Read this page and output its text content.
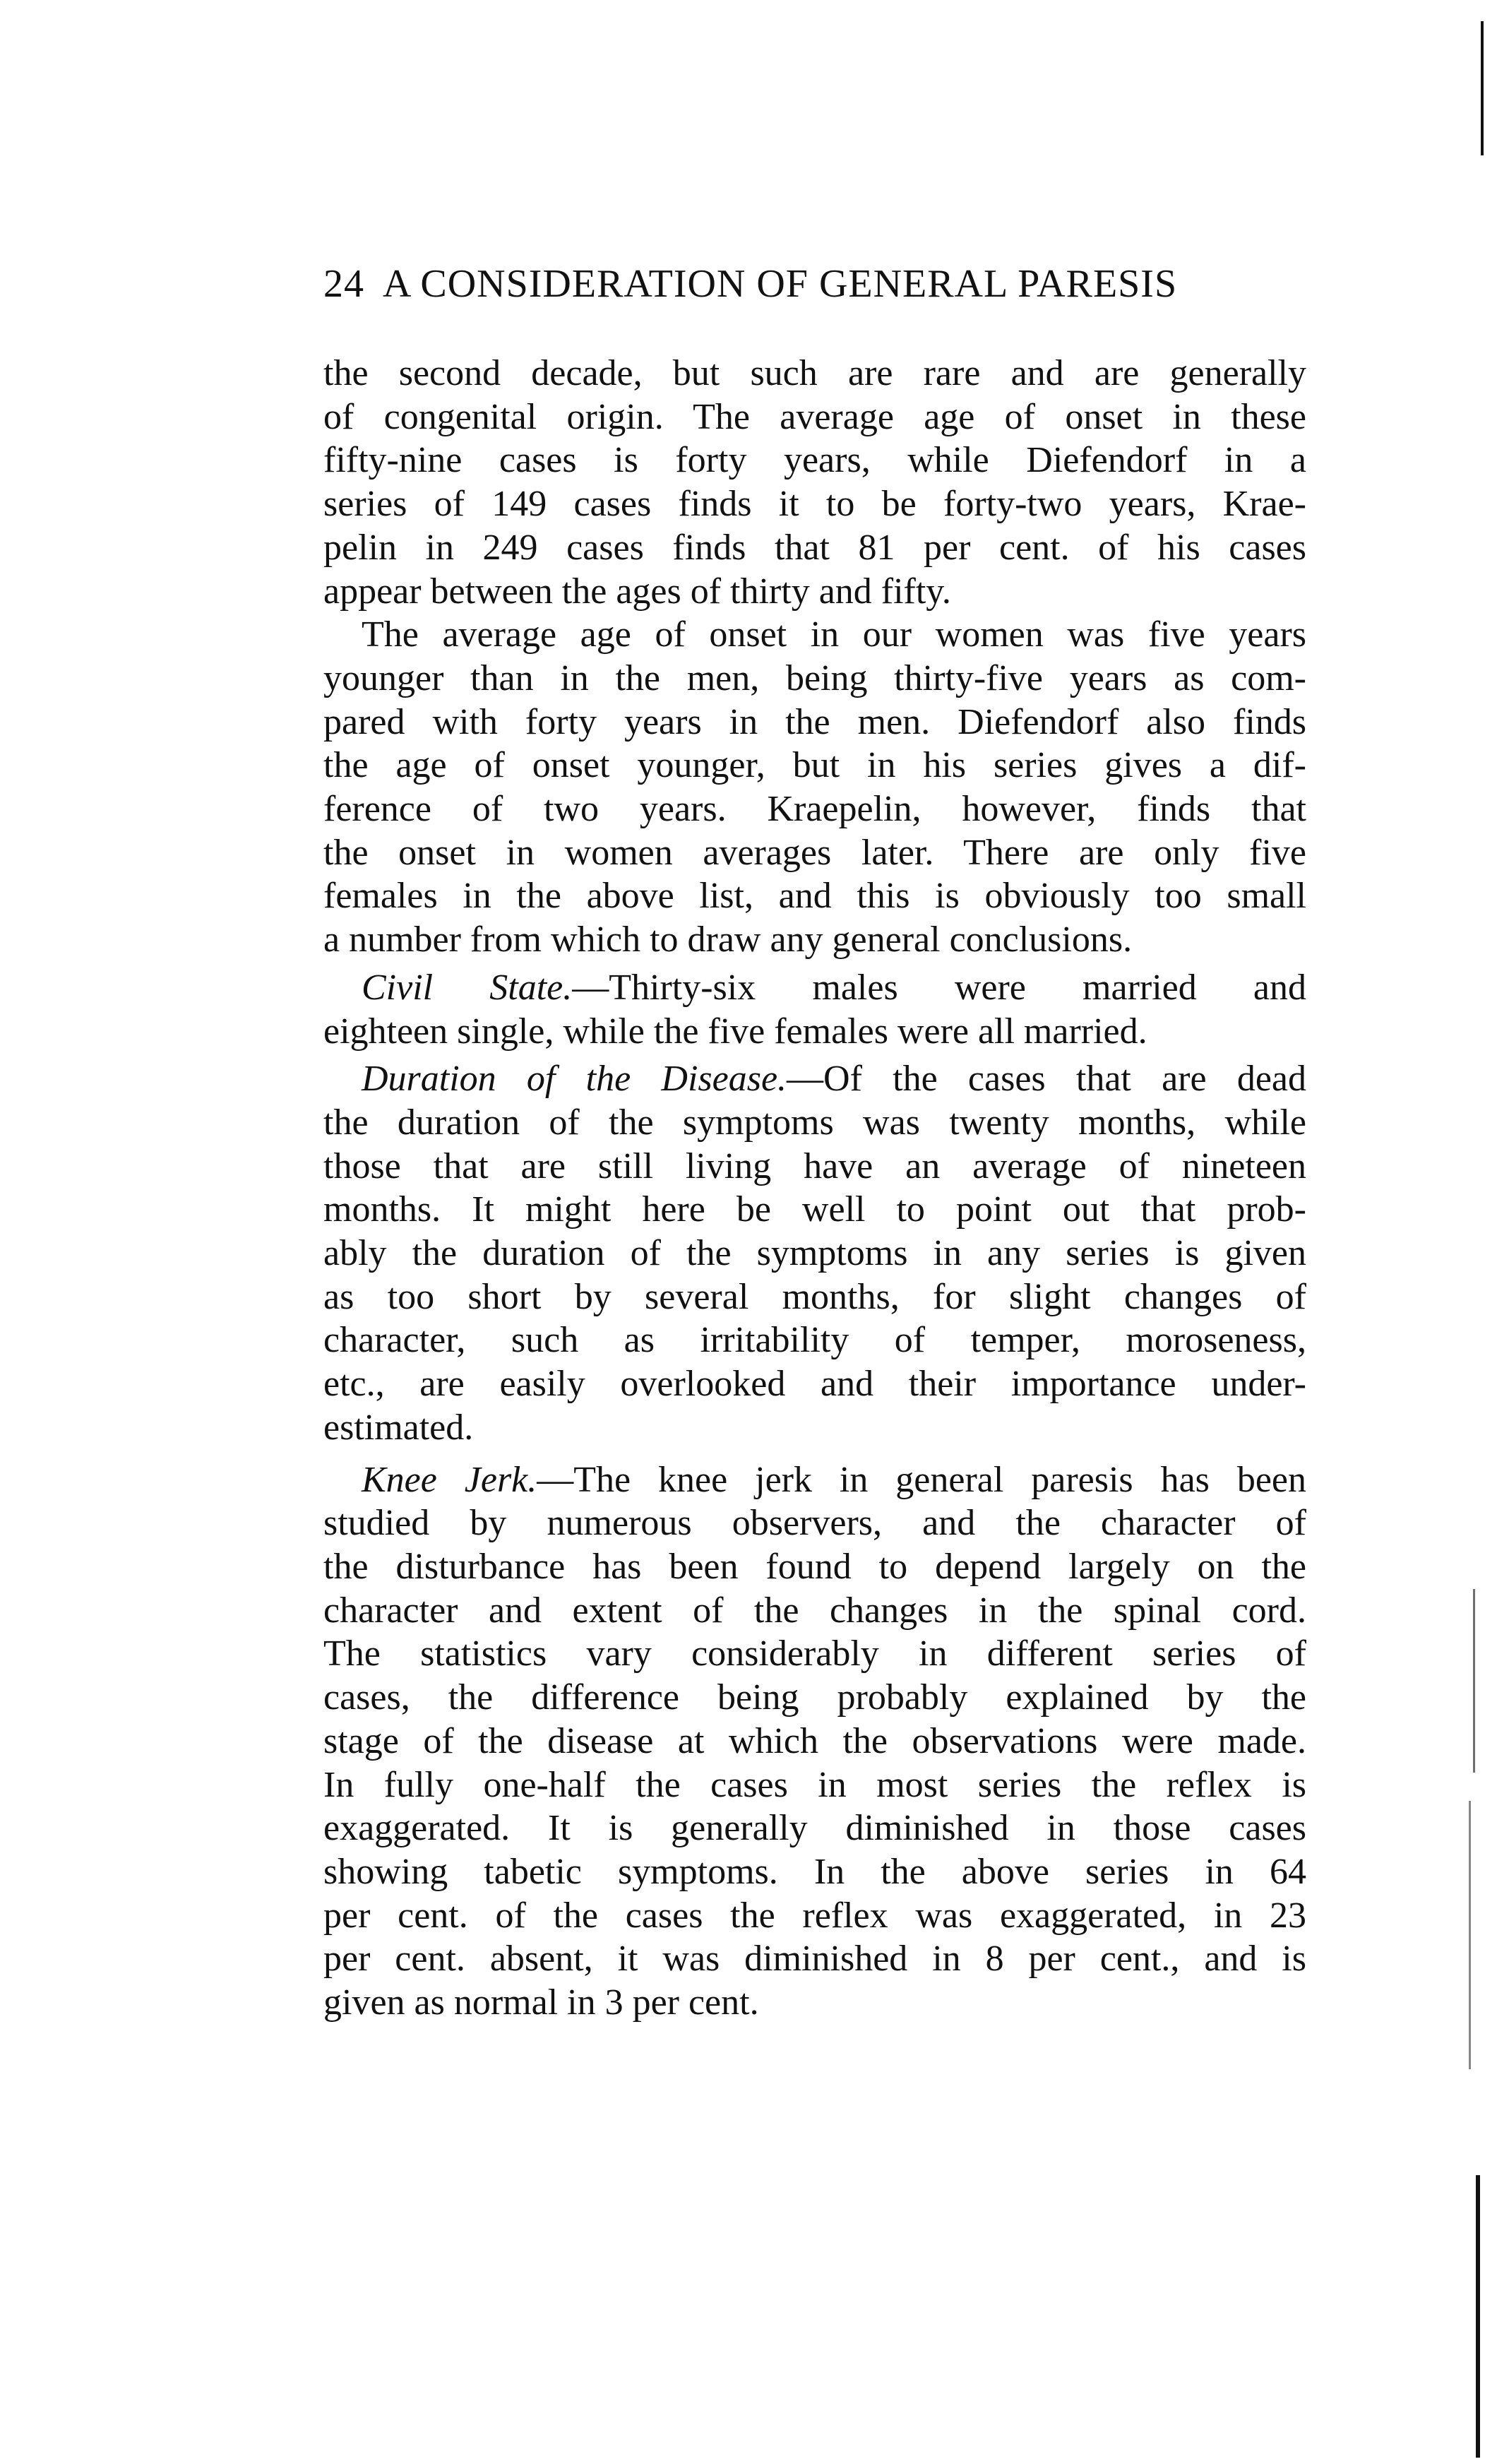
24 A CONSIDERATION OF GENERAL PARESIS

the second decade, but such are rare and are generally

of congenital origin. The average age of onset in these

fifty-nine cases is forty years, while Diefendorf in a

series of 149 cases finds it to be forty-two years, Krae-

pelin in 249 cases finds that 81 per cent. of his cases

appear between the ages of thirty and fifty.

The average age of onset in our women was five years

younger than in the men, being thirty-five years as com-

pared with forty years in the men. Diefendorf also finds

the age of onset younger, but in his series gives a dif-

ference of two years. Kraepelin, however, finds that

the onset in women averages later. There are only five

females in the above list, and this is obviously too small

a number from which to draw any general conclusions.

Civil State.—Thirty-six males were married and

eighteen single, while the five females were all married.

Duration of the Disease.—Of the cases that are dead

the duration of the symptoms was twenty months, while

those that are still living have an average of nineteen

months. It might here be well to point out that prob-

ably the duration of the symptoms in any series is given

as too short by several months, for slight changes of

character, such as irritability of temper, moroseness,

etc., are easily overlooked and their importance under-

estimated.

Knee Jerk.—The knee jerk in general paresis has been

studied by numerous observers, and the character of

the disturbance has been found to depend largely on the

character and extent of the changes in the spinal cord.

The statistics vary considerably in different series of

cases, the difference being probably explained by the

stage of the disease at which the observations were made.

In fully one-half the cases in most series the reflex is

exaggerated. It is generally diminished in those cases

showing tabetic symptoms. In the above series in 64

per cent. of the cases the reflex was exaggerated, in 23

per cent. absent, it was diminished in 8 per cent., and is

given as normal in 3 per cent.
